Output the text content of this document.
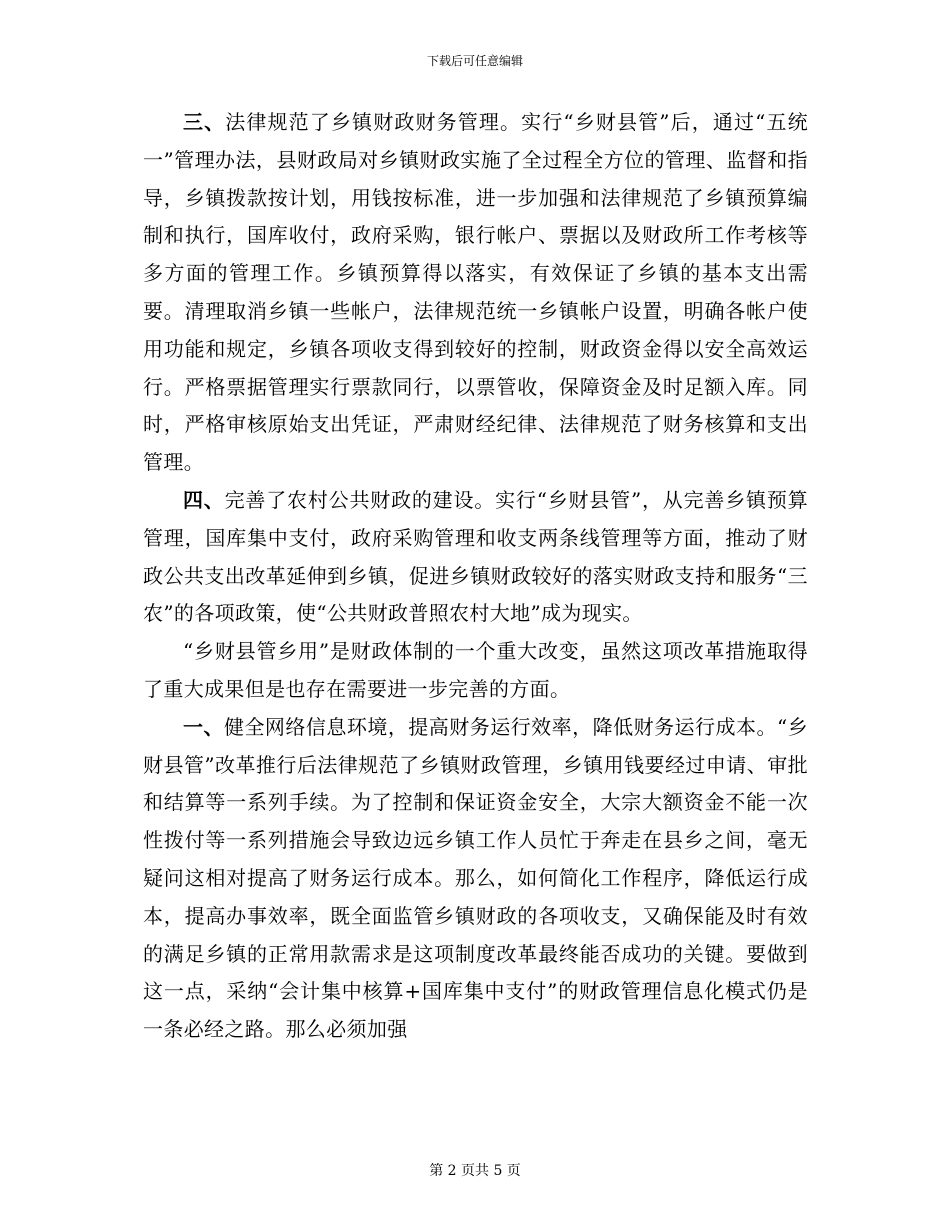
下载后可任意编辑

三、法律规范了乡镇财政财务管理。实行“乡财县管”后，通过“五统一”管理办法，县财政局对乡镇财政实施了全过程全方位的管理、监督和指导，乡镇拨款按计划，用钱按标准，进一步加强和法律规范了乡镇预算编制和执行，国库收付，政府采购，银行帐户、票据以及财政所工作考核等多方面的管理工作。乡镇预算得以落实，有效保证了乡镇的基本支出需要。清理取消乡镇一些帐户，法律规范统一乡镇帐户设置，明确各帐户使用功能和规定，乡镇各项收支得到较好的控制，财政资金得以安全高效运行。严格票据管理实行票款同行，以票管收，保障资金及时足额入库。同时，严格审核原始支出凭证，严肃财经纪律、法律规范了财务核算和支出管理。

四、完善了农村公共财政的建设。实行“乡财县管”，从完善乡镇预算管理，国库集中支付，政府采购管理和收支两条线管理等方面，推动了财政公共支出改革延伸到乡镇，促进乡镇财政较好的落实财政支持和服务“三农”的各项政策，使“公共财政普照农村大地”成为现实。

“乡财县管乡用”是财政体制的一个重大改变，虽然这项改革措施取得了重大成果但是也存在需要进一步完善的方面。

一、健全网络信息环境，提高财务运行效率，降低财务运行成本。“乡财县管”改革推行后法律规范了乡镇财政管理，乡镇用钱要经过申请、审批和结算等一系列手续。为了控制和保证资金安全，大宗大额资金不能一次性拨付等一系列措施会导致边远乡镇工作人员忙于奔走在县乡之间，毫无疑问这相对提高了财务运行成本。那么，如何简化工作程序，降低运行成本，提高办事效率，既全面监管乡镇财政的各项收支，又确保能及时有效的满足乡镇的正常用款需求是这项制度改革最终能否成功的关键。要做到这一点，采纳“会计集中核算+国库集中支付”的财政管理信息化模式仍是一条必经之路。那么必须加强

第 2 页共 5 页
